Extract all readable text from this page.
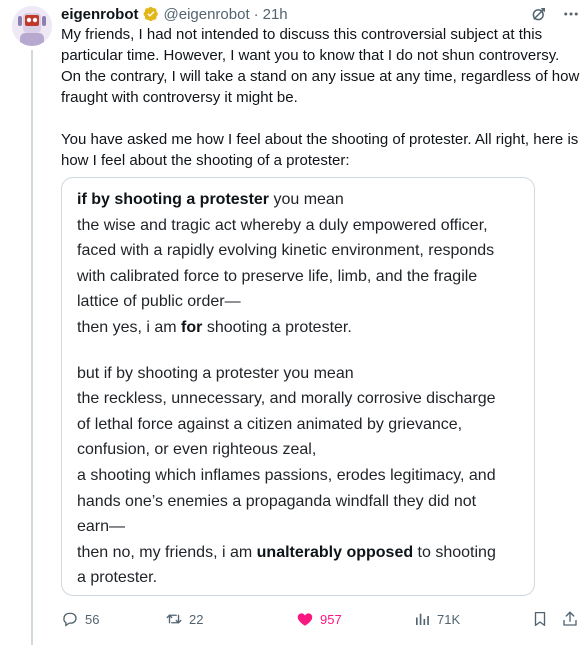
eigenrobot @eigenrobot · 21h

My friends, I had not intended to discuss this controversial subject at this particular time. However, I want you to know that I do not shun controversy. On the contrary, I will take a stand on any issue at any time, regardless of how fraught with controversy it might be.

You have asked me how I feel about the shooting of protester. All right, here is how I feel about the shooting of a protester:

if by shooting a protester you mean
the wise and tragic act whereby a duly empowered officer,
faced with a rapidly evolving kinetic environment, responds
with calibrated force to preserve life, limb, and the fragile
lattice of public order—
then yes, i am for shooting a protester.
but if by shooting a protester you mean
the reckless, unnecessary, and morally corrosive discharge
of lethal force against a citizen animated by grievance,
confusion, or even righteous zeal,
a shooting which inflames passions, erodes legitimacy, and
hands one’s enemies a propaganda windfall they did not
earn—
then no, my friends, i am unalterably opposed to shooting
a protester.
56	22	957	71K
